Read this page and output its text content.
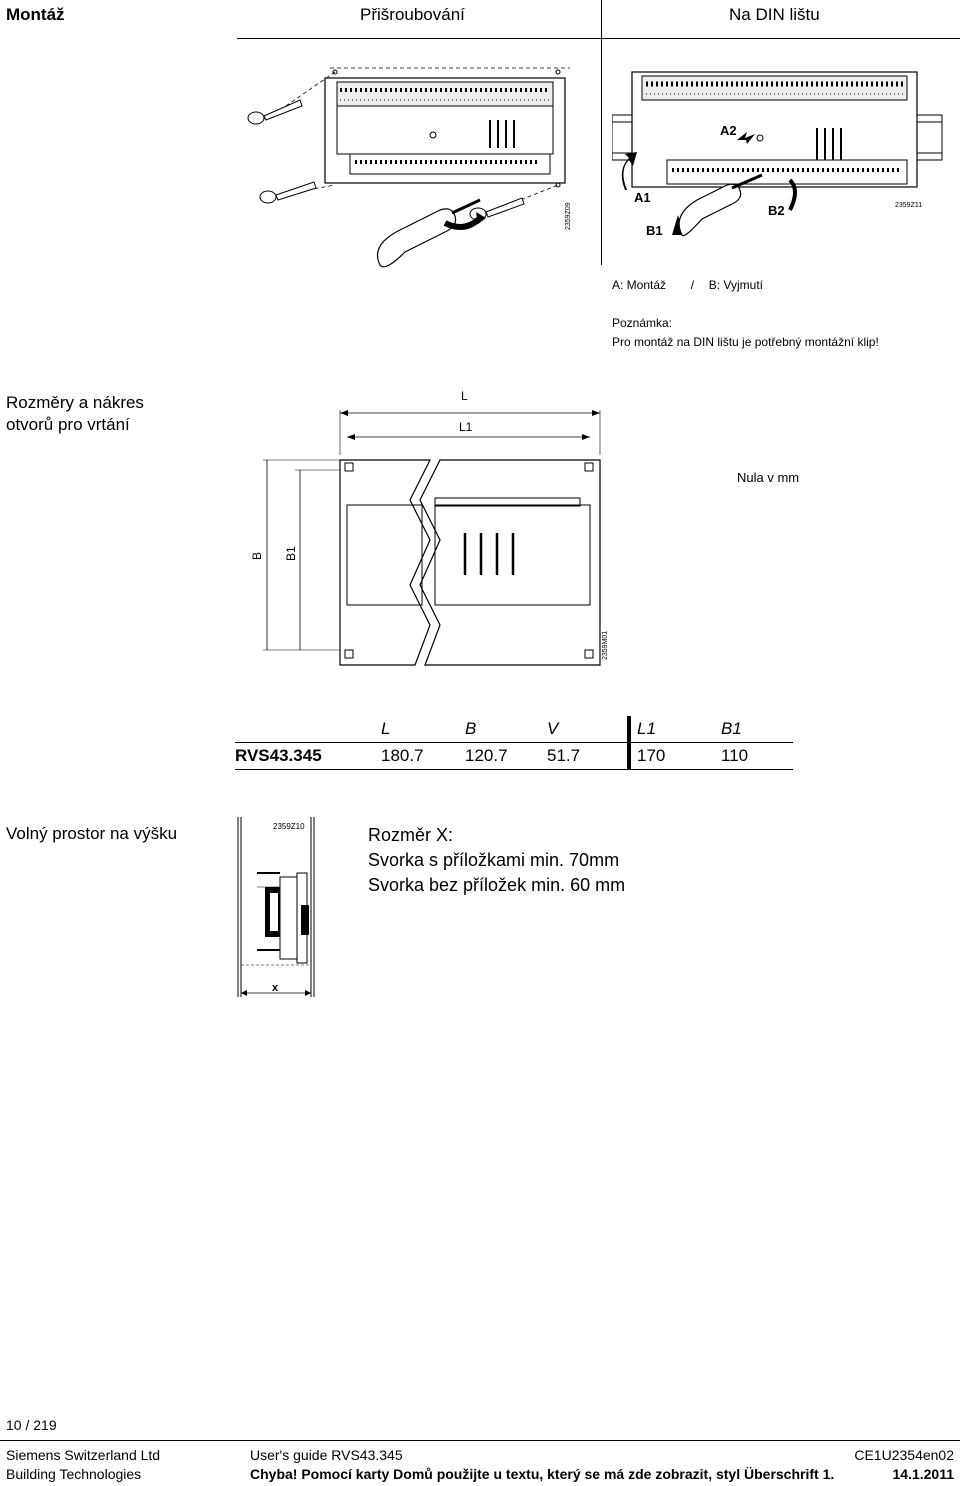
Montáž	Přišroubování	Na DIN lištu
2359Z09
A1
A2
B1
B2	2359Z11
A: Montáž / B: Vyjmutí
Poznámka:
Pro montáž na DIN lištu je potřebný montážní klip!
Rozměry a nákres
otvorů pro vrtání
Nula v mm
L
L1
B B1
2359M01
	L	B	V	L1	B1
RVS43.345	180.7	120.7	51.7	170	110
Volný prostor na výšku
x
2359Z10	Rozměr X:
Svorka s příložkami min. 70mm
Svorka bez příložek min. 60 mm
10 / 219
Siemens Switzerland Ltd
Building Technologies
User's guide RVS43.345	CE1U2354en02
Chyba! Pomocí karty Domů použijte u textu, který se má zde zobrazit, styl Überschrift 1.	14.1.2011
